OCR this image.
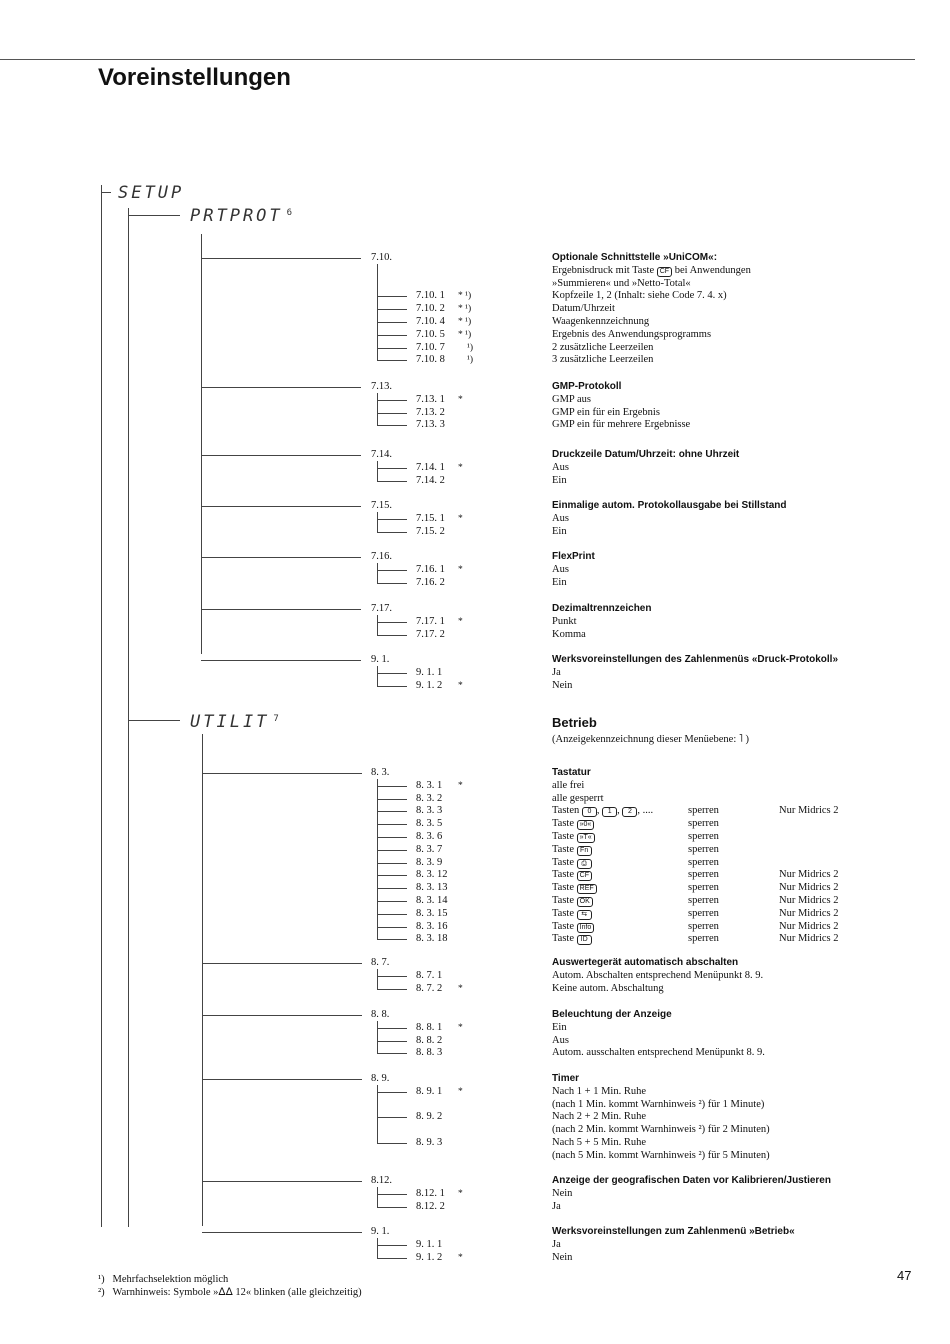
Voreinstellungen
SETUP
PRTPROT $^6$
UTILIT $^7$	Betrieb
(Anzeigekennzeichnung dieser Menüebene: ˥ )
7.10.	Optionale Schnittstelle »UniCOM«:
Ergebnisdruck mit Taste CF bei Anwendungen
»Summieren« und »Netto-Total«
7.10. 1 * ¹)	Kopfzeile 1, 2 (Inhalt: siehe Code 7. 4. x)
7.10. 2 * ¹)	Datum/Uhrzeit
7.10. 4 * ¹)	Waagenkennzeichnung
7.10. 5 * ¹)	Ergebnis des Anwendungsprogramms
7.10. 7 ¹)	2 zusätzliche Leerzeilen
7.10. 8 ¹)	3 zusätzliche Leerzeilen
7.13.	GMP-Protokoll
7.13. 1 *	GMP aus
7.13. 2	GMP ein für ein Ergebnis
7.13. 3	GMP ein für mehrere Ergebnisse
7.14.	Druckzeile Datum/Uhrzeit: ohne Uhrzeit
7.14. 1 *	Aus
7.14. 2	Ein
7.15.	Einmalige autom. Protokollausgabe bei Stillstand
7.15. 1 *	Aus
7.15. 2	Ein
7.16.	FlexPrint
7.16. 1 *	Aus
7.16. 2	Ein
7.17.	Dezimaltrennzeichen
7.17. 1 *	Punkt
7.17. 2	Komma
9. 1.	Werksvoreinstellungen des Zahlenmenüs «Druck-Protokoll»
9. 1. 1	Ja
9. 1. 2 *	Nein
8. 3.	Tastatur
8. 3. 1 *	alle frei
8. 3. 2	alle gesperrt
8. 3. 3	Tasten 0 , 1 , 2 , ....	sperren	Nur Midrics 2
8. 3. 5	Taste »0«	sperren
8. 3. 6	Taste »T«	sperren
8. 3. 7	Taste Fn	sperren
8. 3. 9	Taste ⎙	sperren
8. 3. 12	Taste CF	sperren	Nur Midrics 2
8. 3. 13	Taste REF	sperren	Nur Midrics 2
8. 3. 14	Taste OK	sperren	Nur Midrics 2
8. 3. 15	Taste ⇆	sperren	Nur Midrics 2
8. 3. 16	Taste Info	sperren	Nur Midrics 2
8. 3. 18	Taste ID	sperren	Nur Midrics 2
8. 7.	Auswertegerät automatisch abschalten
8. 7. 1	Autom. Abschalten entsprechend Menüpunkt 8. 9.
8. 7. 2 *	Keine autom. Abschaltung
8. 8.	Beleuchtung der Anzeige
8. 8. 1 *	Ein
8. 8. 2	Aus
8. 8. 3	Autom. ausschalten entsprechend Menüpunkt 8. 9.
8. 9.	Timer
8. 9. 1 *	Nach 1 + 1 Min. Ruhe
(nach 1 Min. kommt Warnhinweis ²) für 1 Minute)
8. 9. 2	Nach 2 + 2 Min. Ruhe
(nach 2 Min. kommt Warnhinweis ²) für 2 Minuten)
8. 9. 3	Nach 5 + 5 Min. Ruhe
(nach 5 Min. kommt Warnhinweis ²) für 5 Minuten)
8.12.	Anzeige der geografischen Daten vor Kalibrieren/Justieren
8.12. 1 *	Nein
8.12. 2	Ja
9. 1.	Werksvoreinstellungen zum Zahlenmenü »Betrieb«
9. 1. 1	Ja
9. 1. 2 *	Nein
¹) Mehrfachselektion möglich
²) Warnhinweis: Symbole »ᐃᐃ 12« blinken (alle gleichzeitig)
47
